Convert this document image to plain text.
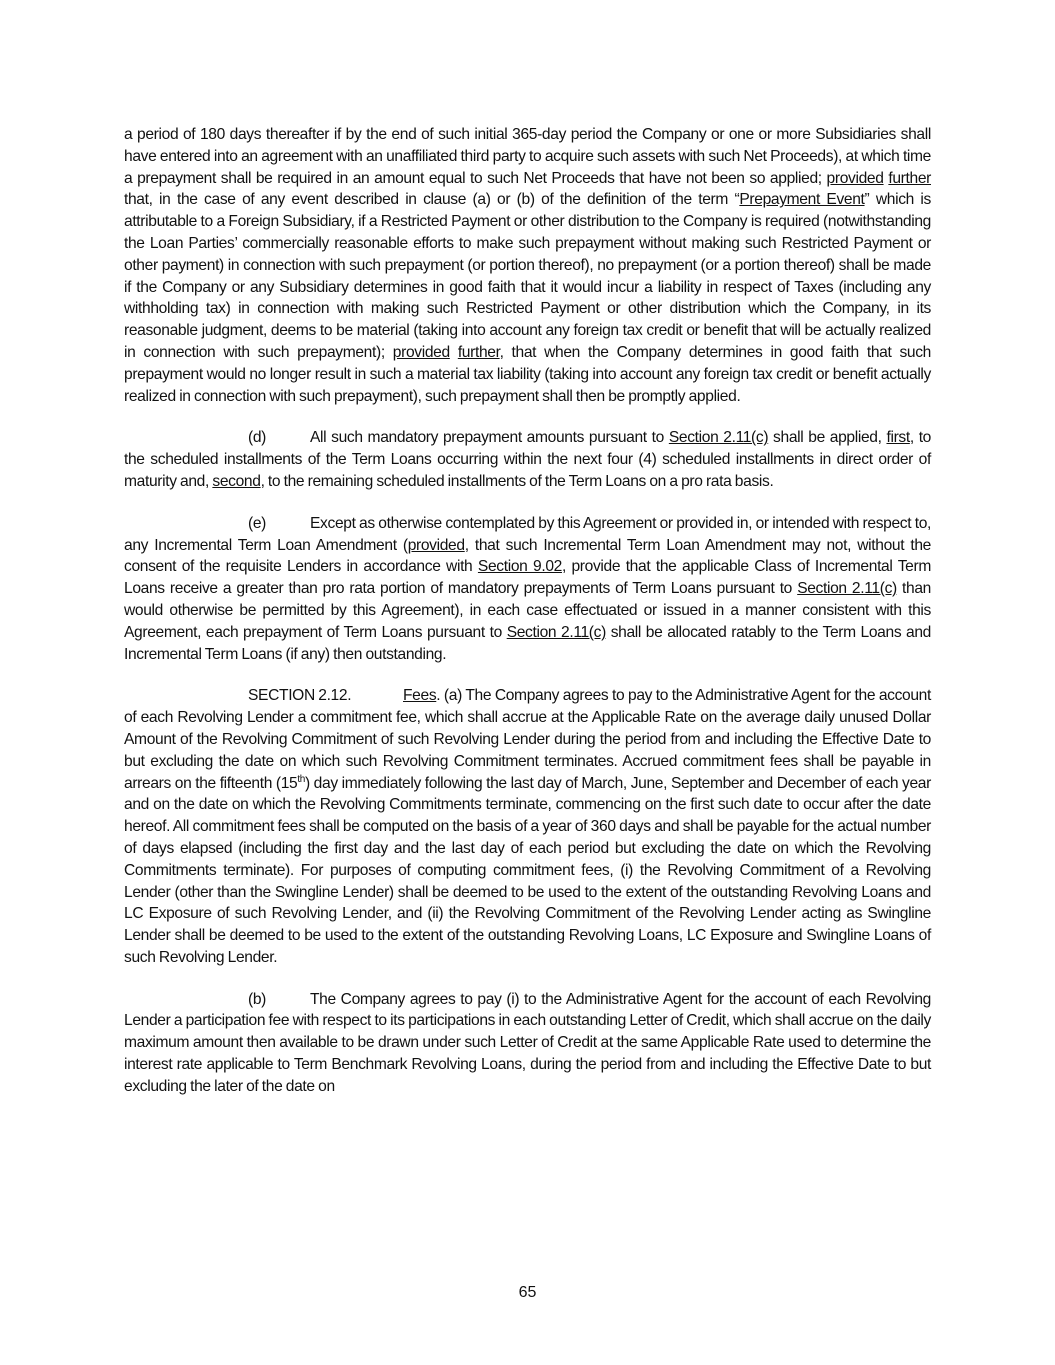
a period of 180 days thereafter if by the end of such initial 365-day period the Company or one or more Subsidiaries shall have entered into an agreement with an unaffiliated third party to acquire such assets with such Net Proceeds), at which time a prepayment shall be required in an amount equal to such Net Proceeds that have not been so applied; provided further that, in the case of any event described in clause (a) or (b) of the definition of the term “Prepayment Event” which is attributable to a Foreign Subsidiary, if a Restricted Payment or other distribution to the Company is required (notwithstanding the Loan Parties’ commercially reasonable efforts to make such prepayment without making such Restricted Payment or other payment) in connection with such prepayment (or portion thereof), no prepayment (or a portion thereof) shall be made if the Company or any Subsidiary determines in good faith that it would incur a liability in respect of Taxes (including any withholding tax) in connection with making such Restricted Payment or other distribution which the Company, in its reasonable judgment, deems to be material (taking into account any foreign tax credit or benefit that will be actually realized in connection with such prepayment); provided further, that when the Company determines in good faith that such prepayment would no longer result in such a material tax liability (taking into account any foreign tax credit or benefit actually realized in connection with such prepayment), such prepayment shall then be promptly applied.

(d)	All such mandatory prepayment amounts pursuant to Section 2.11(c) shall be applied, first, to the scheduled installments of the Term Loans occurring within the next four (4) scheduled installments in direct order of maturity and, second, to the remaining scheduled installments of the Term Loans on a pro rata basis.

(e)	Except as otherwise contemplated by this Agreement or provided in, or intended with respect to, any Incremental Term Loan Amendment (provided, that such Incremental Term Loan Amendment may not, without the consent of the requisite Lenders in accordance with Section 9.02, provide that the applicable Class of Incremental Term Loans receive a greater than pro rata portion of mandatory prepayments of Term Loans pursuant to Section 2.11(c) than would otherwise be permitted by this Agreement), in each case effectuated or issued in a manner consistent with this Agreement, each prepayment of Term Loans pursuant to Section 2.11(c) shall be allocated ratably to the Term Loans and Incremental Term Loans (if any) then outstanding.

SECTION 2.12.	Fees. (a) The Company agrees to pay to the Administrative Agent for the account of each Revolving Lender a commitment fee, which shall accrue at the Applicable Rate on the average daily unused Dollar Amount of the Revolving Commitment of such Revolving Lender during the period from and including the Effective Date to but excluding the date on which such Revolving Commitment terminates. Accrued commitment fees shall be payable in arrears on the fifteenth (15th) day immediately following the last day of March, June, September and December of each year and on the date on which the Revolving Commitments terminate, commencing on the first such date to occur after the date hereof. All commitment fees shall be computed on the basis of a year of 360 days and shall be payable for the actual number of days elapsed (including the first day and the last day of each period but excluding the date on which the Revolving Commitments terminate). For purposes of computing commitment fees, (i) the Revolving Commitment of a Revolving Lender (other than the Swingline Lender) shall be deemed to be used to the extent of the outstanding Revolving Loans and LC Exposure of such Revolving Lender, and (ii) the Revolving Commitment of the Revolving Lender acting as Swingline Lender shall be deemed to be used to the extent of the outstanding Revolving Loans, LC Exposure and Swingline Loans of such Revolving Lender.

(b)	The Company agrees to pay (i) to the Administrative Agent for the account of each Revolving Lender a participation fee with respect to its participations in each outstanding Letter of Credit, which shall accrue on the daily maximum amount then available to be drawn under such Letter of Credit at the same Applicable Rate used to determine the interest rate applicable to Term Benchmark Revolving Loans, during the period from and including the Effective Date to but excluding the later of the date on

65
